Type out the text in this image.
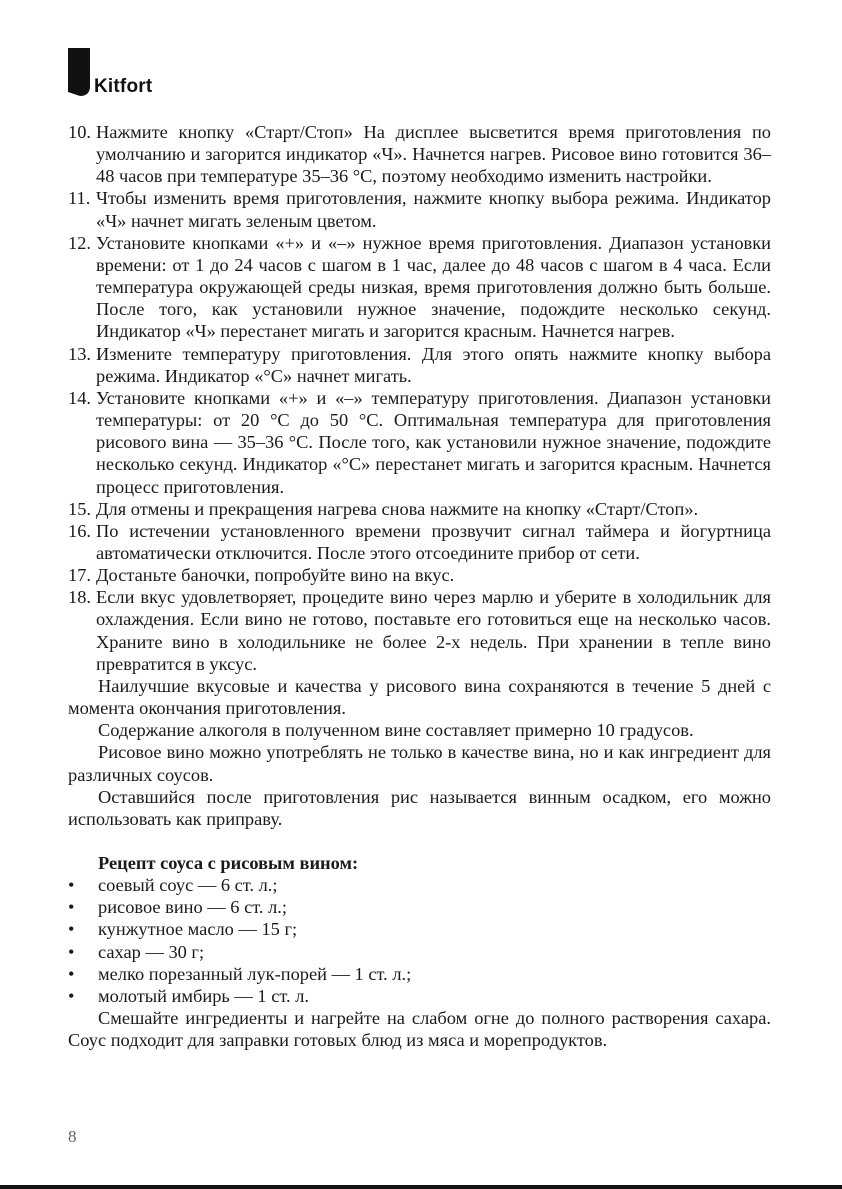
Kitfort
10. Нажмите кнопку «Старт/Стоп» На дисплее высветится время приготовления по умолчанию и загорится индикатор «Ч». Начнется нагрев. Рисовое вино готовится 36–48 часов при температуре 35–36 °C, поэтому необходимо изменить настройки.
11. Чтобы изменить время приготовления, нажмите кнопку выбора режима. Индикатор «Ч» начнет мигать зеленым цветом.
12. Установите кнопками «+» и «–» нужное время приготовления. Диапазон установки времени: от 1 до 24 часов с шагом в 1 час, далее до 48 часов с шагом в 4 часа. Если температура окружающей среды низкая, время приготовления должно быть больше. После того, как установили нужное значение, подождите несколько секунд. Индикатор «Ч» перестанет мигать и загорится красным. Начнется нагрев.
13. Измените температуру приготовления. Для этого опять нажмите кнопку выбора режима. Индикатор «°C» начнет мигать.
14. Установите кнопками «+» и «–» температуру приготовления. Диапазон установки температуры: от 20 °C до 50 °C. Оптимальная температура для приготовления рисового вина — 35–36 °C. После того, как установили нужное значение, подождите несколько секунд. Индикатор «°C» перестанет мигать и загорится красным. Начнется процесс приготовления.
15. Для отмены и прекращения нагрева снова нажмите на кнопку «Старт/Стоп».
16. По истечении установленного времени прозвучит сигнал таймера и йогуртница автоматически отключится. После этого отсоедините прибор от сети.
17. Достаньте баночки, попробуйте вино на вкус.
18. Если вкус удовлетворяет, процедите вино через марлю и уберите в холодильник для охлаждения. Если вино не готово, поставьте его готовиться еще на несколько часов. Храните вино в холодильнике не более 2-х недель. При хранении в тепле вино превратится в уксус.

Наилучшие вкусовые и качества у рисового вина сохраняются в течение 5 дней с момента окончания приготовления.

Содержание алкоголя в полученном вине составляет примерно 10 градусов.

Рисовое вино можно употреблять не только в качестве вина, но и как ингредиент для различных соусов.

Оставшийся после приготовления рис называется винным осадком, его можно использовать как приправу.

Рецепт соуса с рисовым вином:
• соевый соус — 6 ст. л.;
• рисовое вино — 6 ст. л.;
• кунжутное масло — 15 г;
• сахар — 30 г;
• мелко порезанный лук-порей — 1 ст. л.;
• молотый имбирь — 1 ст. л.

Смешайте ингредиенты и нагрейте на слабом огне до полного растворения сахара. Соус подходит для заправки готовых блюд из мяса и морепродуктов.

8
